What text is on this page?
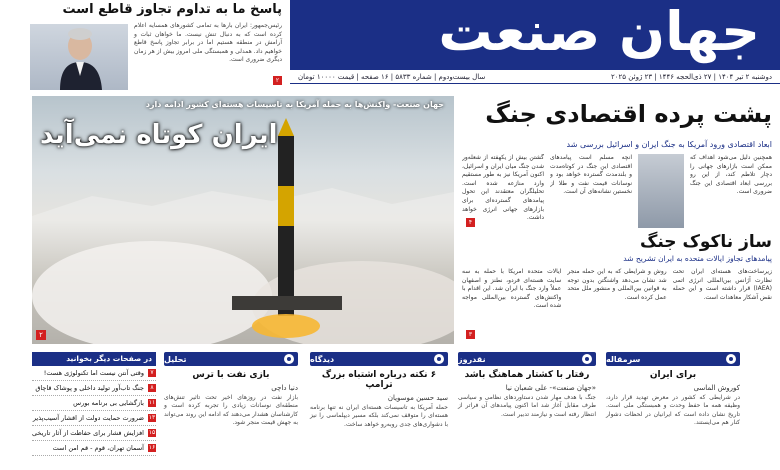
جهان صنعت
دوشنبه ۲ تیر ۱۴۰۴ | ۲۷ ذی‌الحجه ۱۴۴۶ | ۲۳ ژوئن ۲۰۲۵
سال بیست‌ودوم | شماره ۵۸۳۳ | ۱۶ صفحه | قیمت ۱۰۰۰۰ تومان
پاسخ ما به تداوم تجاوز قاطع است
رئیس‌جمهور: ایران بارها به تمامی کشورهای همسایه اعلام کرده است که به دنبال تنش نیست. ما خواهان ثبات و آرامش در منطقه هستیم اما در برابر تجاوز پاسخ قاطع خواهیم داد. همدلی و همبستگی ملی امروز بیش از هر زمان دیگری ضروری است.
۲
جهان صنعت- واکنش‌ها به حمله آمریکا به تاسیسات هسته‌ای کشور ادامه دارد
ایران کوتاه نمی‌آید
۲
پشت پرده اقتصادی جنگ
ابعاد اقتصادی ورود آمریکا به جنگ ایران و اسرائیل بررسی شد
گشتن بیش از یکهفته از شعله‌ور شدن جنگ میان ایران و اسرائیل، اکنون آمریکا نیز به طور مستقیم وارد منازعه شده است. تحلیلگران معتقدند این تحول پیامدهای گسترده‌ای برای بازارهای جهانی انرژی خواهد داشت.
آنچه مسلم است پیامدهای اقتصادی این جنگ در کوتاه‌مدت و بلندمدت گسترده خواهد بود و نوسانات قیمت نفت و طلا از نخستین نشانه‌های آن است.
همچنین دلیل می‌شود اهداف که ممکن است بازارهای جهانی را دچار تلاطم کند، از این رو بررسی ابعاد اقتصادی این جنگ ضروری است.
۴
ساز ناکوک جنگ
پیامدهای تجاوز ایالات متحده به ایران تشریح شد
ایالات متحده آمریکا با حمله به سه سایت هسته‌ای فردو، نطنز و اصفهان عملاً وارد جنگ با ایران شد. این اقدام با واکنش‌های گسترده بین‌المللی مواجه شده است.
روش و شرایطی که به این حمله منجر شد نشان می‌دهد واشنگتن بدون توجه به قوانین بین‌المللی و منشور ملل متحد عمل کرده است.
زیرساخت‌های هسته‌ای ایران تحت نظارت آژانس بین‌المللی انرژی اتمی (IAEA) قرار داشته است و این حمله نقض آشکار معاهدات است.
۳
در صفحات دیگر بخوانید
۷
وقتی آنتن نیست اما تکنولوژی هست!
۸
جنگ تاب‌آور تولید داخلی و پوشاک قاچاق
۱۱
بازگشایی بی برنامه بورس
۱۳
ضرورت حمایت دولت از اقشار آسیب‌پذیر
۱۵
افزایش فشار برای حفاظت از آثار تاریخی
۱۶
آسمان تهران، قوم - قم امن است
تحلیل
بازی نفت با ترس
دنیا داچی
بازار نفت در روزهای اخیر تحت تاثیر تنش‌های منطقه‌ای نوسانات زیادی را تجربه کرده است و کارشناسان هشدار می‌دهند که ادامه این روند می‌تواند به جهش قیمت منجر شود.
دیدگاه
۶ نکته درباره اشتباه بزرگ ترامپ
سید حسین موسویان
حمله آمریکا به تاسیسات هسته‌ای ایران نه تنها برنامه هسته‌ای را متوقف نمی‌کند بلکه مسیر دیپلماسی را نیز با دشواری‌های جدی روبه‌رو خواهد ساخت.
نقدروز
رفتار با کشتار هماهنگ باشد
«جهان صنعت»- علی‌ شعبان‌ نیا
جنگ با هدف مهار شدن دستاوردهای نظامی و سیاسی طرف مقابل آغاز شد اما اکنون پیامدهای آن فراتر از انتظار رفته است و نیازمند تدبیر است.
سرمقاله
برای ایران
کوروش الماسی
در شرایطی که کشور در معرض تهدید قرار دارد، وظیفه همه ما حفظ وحدت و همبستگی ملی است. تاریخ نشان داده است که ایرانیان در لحظات دشوار کنار هم می‌ایستند.
